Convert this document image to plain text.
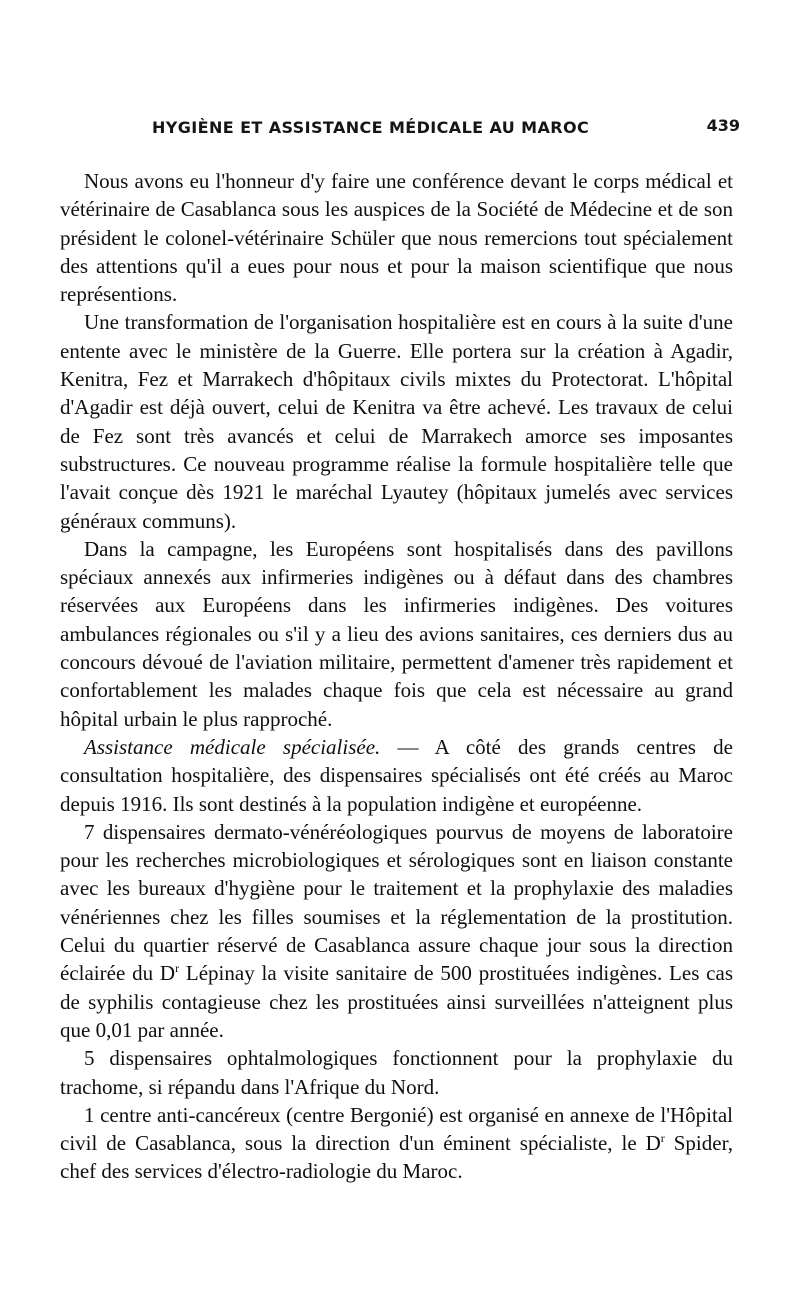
HYGIÈNE ET ASSISTANCE MÉDICALE AU MAROC	439

Nous avons eu l'honneur d'y faire une conférence devant le corps médical et vétérinaire de Casablanca sous les auspices de la Société de Médecine et de son président le colonel-vétérinaire Schüler que nous remercions tout spécialement des attentions qu'il a eues pour nous et pour la maison scientifique que nous représentions.

Une transformation de l'organisation hospitalière est en cours à la suite d'une entente avec le ministère de la Guerre. Elle portera sur la création à Agadir, Kenitra, Fez et Marrakech d'hôpitaux civils mixtes du Protectorat. L'hôpital d'Agadir est déjà ouvert, celui de Kenitra va être achevé. Les travaux de celui de Fez sont très avancés et celui de Marrakech amorce ses imposantes substructures. Ce nouveau programme réalise la formule hospitalière telle que l'avait conçue dès 1921 le maréchal Lyautey (hôpitaux jumelés avec services généraux communs).

Dans la campagne, les Européens sont hospitalisés dans des pavillons spéciaux annexés aux infirmeries indigènes ou à défaut dans des chambres réservées aux Européens dans les infirmeries indigènes. Des voitures ambulances régionales ou s'il y a lieu des avions sanitaires, ces derniers dus au concours dévoué de l'aviation militaire, permettent d'amener très rapidement et confortablement les malades chaque fois que cela est nécessaire au grand hôpital urbain le plus rapproché.

Assistance médicale spécialisée. — A côté des grands centres de consultation hospitalière, des dispensaires spécialisés ont été créés au Maroc depuis 1916. Ils sont destinés à la population indigène et européenne.

7 dispensaires dermato-vénéréologiques pourvus de moyens de laboratoire pour les recherches microbiologiques et sérologiques sont en liaison constante avec les bureaux d'hygiène pour le traitement et la prophylaxie des maladies vénériennes chez les filles soumises et la réglementation de la prostitution. Celui du quartier réservé de Casablanca assure chaque jour sous la direction éclairée du $D^r$ Lépinay la visite sanitaire de 500 prostituées indigènes. Les cas de syphilis contagieuse chez les prostituées ainsi surveillées n'atteignent plus que 0,01 par année.

5 dispensaires ophtalmologiques fonctionnent pour la prophylaxie du trachome, si répandu dans l'Afrique du Nord.

1 centre anti-cancéreux (centre Bergonié) est organisé en annexe de l'Hôpital civil de Casablanca, sous la direction d'un éminent spécialiste, le $D^r$ Spider, chef des services d'électro-radiologie du Maroc.
